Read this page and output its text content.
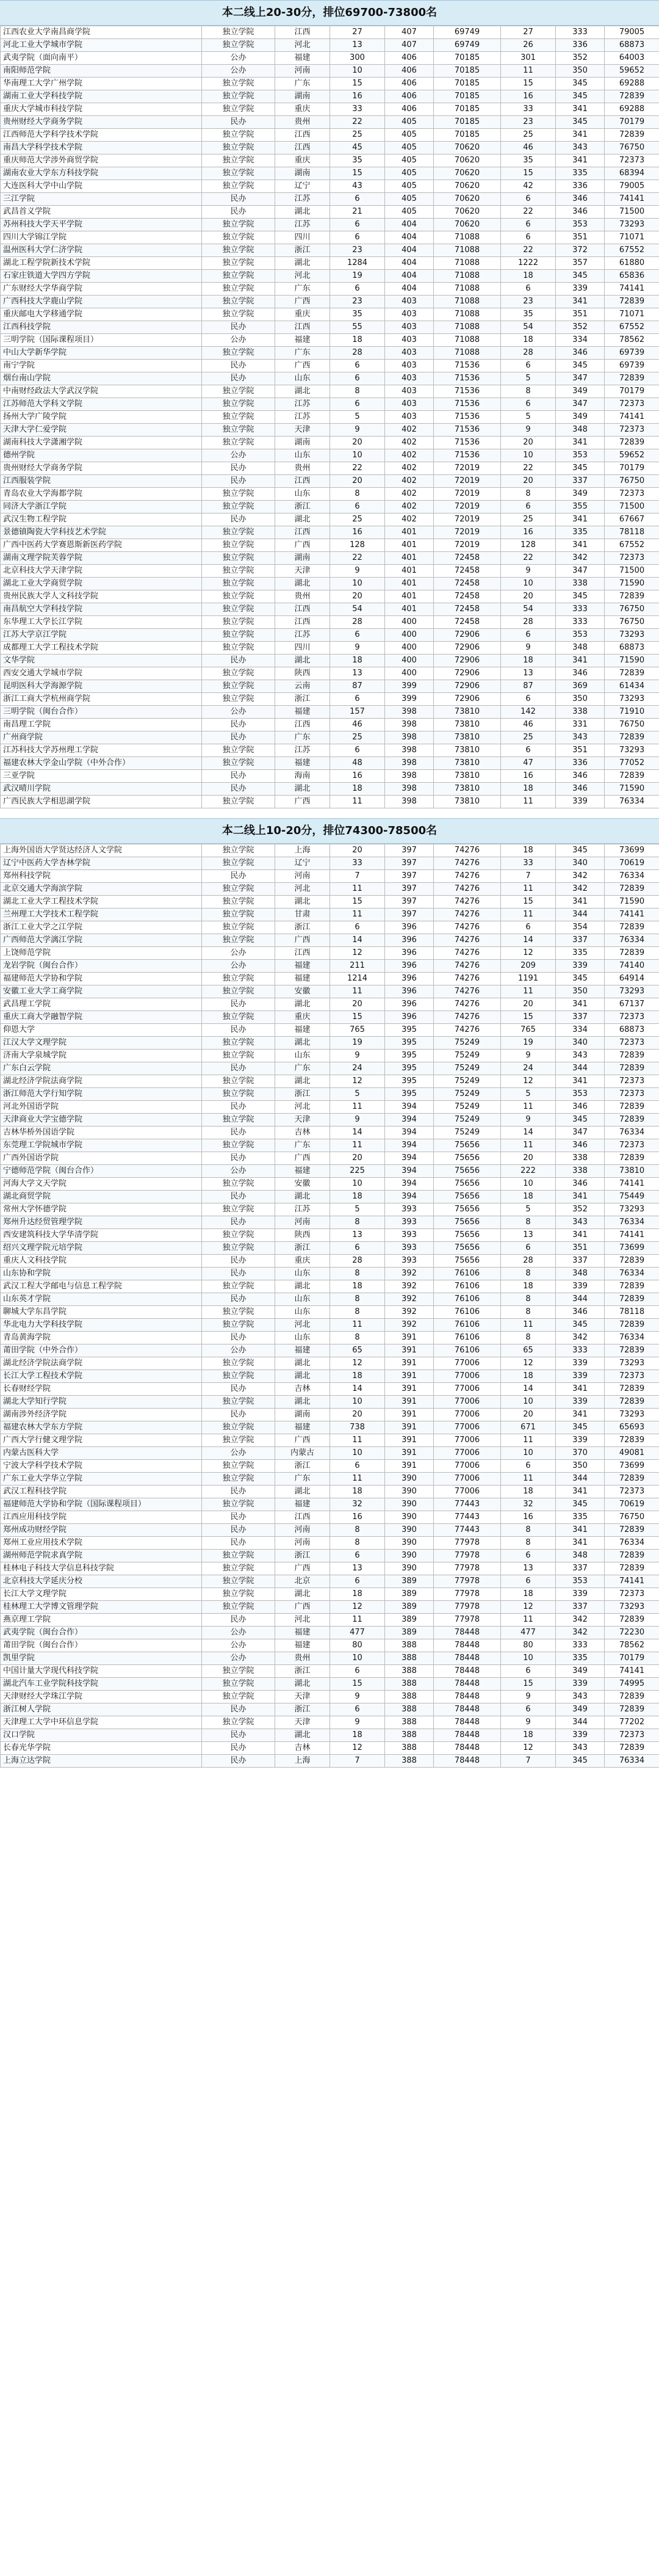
本二线上20-30分，排位69700-73800名
江西农业大学南昌商学院	独立学院	江西	27	407	69749	27	333	79005
河北工业大学城市学院	独立学院	河北	13	407	69749	26	336	68873
武夷学院（面向南平）	公办	福建	300	406	70185	301	352	64003
南阳师范学院	公办	河南	10	406	70185	11	350	59652
华南理工大学广州学院	独立学院	广东	15	406	70185	15	345	69288
湖南工业大学科技学院	独立学院	湖南	16	406	70185	16	345	72839
重庆大学城市科技学院	独立学院	重庆	33	406	70185	33	341	69288
贵州财经大学商务学院	民办	贵州	22	405	70185	23	345	70179
江西师范大学科学技术学院	独立学院	江西	25	405	70185	25	341	72839
南昌大学科学技术学院	独立学院	江西	45	405	70620	46	343	76750
重庆师范大学涉外商贸学院	独立学院	重庆	35	405	70620	35	341	72373
湖南农业大学东方科技学院	独立学院	湖南	15	405	70620	15	335	68394
大连医科大学中山学院	独立学院	辽宁	43	405	70620	42	336	79005
三江学院	民办	江苏	6	405	70620	6	346	74141
武昌首义学院	民办	湖北	21	405	70620	22	346	71500
苏州科技大学天平学院	独立学院	江苏	6	404	70620	6	353	73293
四川大学锦江学院	独立学院	四川	6	404	71088	6	351	71071
温州医科大学仁济学院	独立学院	浙江	23	404	71088	22	372	67552
湖北工程学院新技术学院	独立学院	湖北	1284	404	71088	1222	357	61880
石家庄铁道大学四方学院	独立学院	河北	19	404	71088	18	345	65836
广东财经大学华商学院	独立学院	广东	6	404	71088	6	339	74141
广西科技大学鹿山学院	独立学院	广西	23	403	71088	23	341	72839
重庆邮电大学移通学院	独立学院	重庆	35	403	71088	35	351	71071
江西科技学院	民办	江西	55	403	71088	54	352	67552
三明学院（国际课程项目）	公办	福建	18	403	71088	18	334	78562
中山大学新华学院	独立学院	广东	28	403	71088	28	346	69739
南宁学院	民办	广西	6	403	71536	6	345	69739
烟台南山学院	民办	山东	6	403	71536	5	347	72839
中南财经政法大学武汉学院	独立学院	湖北	8	403	71536	8	349	70179
江苏师范大学科文学院	独立学院	江苏	6	403	71536	6	347	72373
扬州大学广陵学院	独立学院	江苏	5	403	71536	5	349	74141
天津大学仁爱学院	独立学院	天津	9	402	71536	9	348	72373
湖南科技大学潇湘学院	独立学院	湖南	20	402	71536	20	341	72839
德州学院	公办	山东	10	402	71536	10	353	59652
贵州财经大学商务学院	民办	贵州	22	402	72019	22	345	70179
江西服装学院	民办	江西	20	402	72019	20	337	76750
青岛农业大学海都学院	独立学院	山东	8	402	72019	8	349	72373
同济大学浙江学院	独立学院	浙江	6	402	72019	6	355	71500
武汉生物工程学院	民办	湖北	25	402	72019	25	341	67667
景德镇陶瓷大学科技艺术学院	独立学院	江西	16	401	72019	16	335	78118
广西中医药大学赛恩斯新医药学院	独立学院	广西	128	401	72019	128	341	67552
湖南文理学院芙蓉学院	独立学院	湖南	22	401	72458	22	342	72373
北京科技大学天津学院	独立学院	天津	9	401	72458	9	347	71500
湖北工业大学商贸学院	独立学院	湖北	10	401	72458	10	338	71590
贵州民族大学人文科技学院	独立学院	贵州	20	401	72458	20	345	72839
南昌航空大学科技学院	独立学院	江西	54	401	72458	54	333	76750
东华理工大学长江学院	独立学院	江西	28	400	72458	28	333	76750
江苏大学京江学院	独立学院	江苏	6	400	72906	6	353	73293
成都理工大学工程技术学院	独立学院	四川	9	400	72906	9	348	68873
文华学院	民办	湖北	18	400	72906	18	341	71590
西安交通大学城市学院	独立学院	陕西	13	400	72906	13	346	72839
昆明医科大学海源学院	独立学院	云南	87	399	72906	87	369	61434
浙江工商大学杭州商学院	独立学院	浙江	6	399	72906	6	350	73293
三明学院（闽台合作）	公办	福建	157	398	73810	142	338	71910
南昌理工学院	民办	江西	46	398	73810	46	331	76750
广州商学院	民办	广东	25	398	73810	25	343	72839
江苏科技大学苏州理工学院	独立学院	江苏	6	398	73810	6	351	73293
福建农林大学金山学院（中外合作）	独立学院	福建	48	398	73810	47	336	77052
三亚学院	民办	海南	16	398	73810	16	346	72839
武汉晴川学院	民办	湖北	18	398	73810	18	346	71590
广西民族大学相思湖学院	独立学院	广西	11	398	73810	11	339	76334
本二线上10-20分，排位74300-78500名
上海外国语大学贤达经济人文学院	独立学院	上海	20	397	74276	18	345	73699
辽宁中医药大学杏林学院	独立学院	辽宁	33	397	74276	33	340	70619
郑州科技学院	民办	河南	7	397	74276	7	342	76334
北京交通大学海滨学院	独立学院	河北	11	397	74276	11	342	72839
湖北工业大学工程技术学院	独立学院	湖北	15	397	74276	15	341	71590
兰州理工大学技术工程学院	独立学院	甘肃	11	397	74276	11	344	74141
浙江工业大学之江学院	独立学院	浙江	6	396	74276	6	354	72839
广西师范大学漓江学院	独立学院	广西	14	396	74276	14	337	76334
上饶师范学院	公办	江西	12	396	74276	12	335	72839
龙岩学院（闽台合作）	公办	福建	211	396	74276	209	339	74140
福建师范大学协和学院	独立学院	福建	1214	396	74276	1191	345	64914
安徽工业大学工商学院	独立学院	安徽	11	396	74276	11	350	73293
武昌理工学院	民办	湖北	20	396	74276	20	341	67137
重庆工商大学融智学院	独立学院	重庆	15	396	74276	15	337	72373
仰恩大学	民办	福建	765	395	74276	765	334	68873
江汉大学文理学院	独立学院	湖北	19	395	75249	19	340	72373
济南大学泉城学院	独立学院	山东	9	395	75249	9	343	72839
广东白云学院	民办	广东	24	395	75249	24	344	72839
湖北经济学院法商学院	独立学院	湖北	12	395	75249	12	341	72373
浙江师范大学行知学院	独立学院	浙江	5	395	75249	5	353	72373
河北外国语学院	民办	河北	11	394	75249	11	346	72839
天津商业大学宝德学院	独立学院	天津	9	394	75249	9	345	72839
吉林华桥外国语学院	民办	吉林	14	394	75249	14	347	76334
东莞理工学院城市学院	独立学院	广东	11	394	75656	11	346	72373
广西外国语学院	民办	广西	20	394	75656	20	338	72839
宁德师范学院（闽台合作）	公办	福建	225	394	75656	222	338	73810
河海大学文天学院	独立学院	安徽	10	394	75656	10	346	74141
湖北商贸学院	民办	湖北	18	394	75656	18	341	75449
常州大学怀德学院	独立学院	江苏	5	393	75656	5	352	73293
郑州升达经贸管理学院	民办	河南	8	393	75656	8	343	76334
西安建筑科技大学华清学院	独立学院	陕西	13	393	75656	13	341	74141
绍兴文理学院元培学院	独立学院	浙江	6	393	75656	6	351	73699
重庆人文科技学院	民办	重庆	28	393	75656	28	337	72839
山东协和学院	民办	山东	8	392	76106	8	348	76334
武汉工程大学邮电与信息工程学院	独立学院	湖北	18	392	76106	18	339	72839
山东英才学院	民办	山东	8	392	76106	8	344	72839
聊城大学东昌学院	独立学院	山东	8	392	76106	8	346	78118
华北电力大学科技学院	独立学院	河北	11	392	76106	11	345	72839
青岛黄海学院	民办	山东	8	391	76106	8	342	76334
莆田学院（中外合作）	公办	福建	65	391	76106	65	333	72839
湖北经济学院法商学院	独立学院	湖北	12	391	77006	12	339	73293
长江大学工程技术学院	独立学院	湖北	18	391	77006	18	339	72373
长春财经学院	民办	吉林	14	391	77006	14	341	72839
湖北大学知行学院	独立学院	湖北	10	391	77006	10	339	72839
湖南涉外经济学院	民办	湖南	20	391	77006	20	341	73293
福建农林大学东方学院	独立学院	福建	738	391	77006	671	345	65693
广西大学行健文理学院	独立学院	广西	11	391	77006	11	339	72839
内蒙古医科大学	公办	内蒙古	10	391	77006	10	370	49081
宁波大学科学技术学院	独立学院	浙江	6	391	77006	6	350	73699
广东工业大学华立学院	独立学院	广东	11	390	77006	11	344	72839
武汉工程科技学院	民办	湖北	18	390	77006	18	341	72373
福建师范大学协和学院（国际课程项目）	独立学院	福建	32	390	77443	32	345	70619
江西应用科技学院	民办	江西	16	390	77443	16	335	76750
郑州成功财经学院	民办	河南	8	390	77443	8	341	72839
郑州工业应用技术学院	民办	河南	8	390	77978	8	341	76334
湖州师范学院求真学院	独立学院	浙江	6	390	77978	6	348	72839
桂林电子科技大学信息科技学院	独立学院	广西	13	390	77978	13	337	72839
北京科技大学延庆分校	独立学院	北京	6	389	77978	6	353	74141
长江大学文理学院	独立学院	湖北	18	389	77978	18	339	72373
桂林理工大学博文管理学院	独立学院	广西	12	389	77978	12	337	73293
燕京理工学院	民办	河北	11	389	77978	11	342	72839
武夷学院（闽台合作）	公办	福建	477	389	78448	477	342	72230
莆田学院（闽台合作）	公办	福建	80	388	78448	80	333	78562
凯里学院	公办	贵州	10	388	78448	10	335	70179
中国计量大学现代科技学院	独立学院	浙江	6	388	78448	6	349	74141
湖北汽车工业学院科技学院	独立学院	湖北	15	388	78448	15	339	74995
天津财经大学珠江学院	独立学院	天津	9	388	78448	9	343	72839
浙江树人学院	民办	浙江	6	388	78448	6	349	72839
天津理工大学中环信息学院	独立学院	天津	9	388	78448	9	344	77202
汉口学院	民办	湖北	18	388	78448	18	339	72373
长春光华学院	民办	吉林	12	388	78448	12	343	72839
上海立达学院	民办	上海	7	388	78448	7	345	76334
